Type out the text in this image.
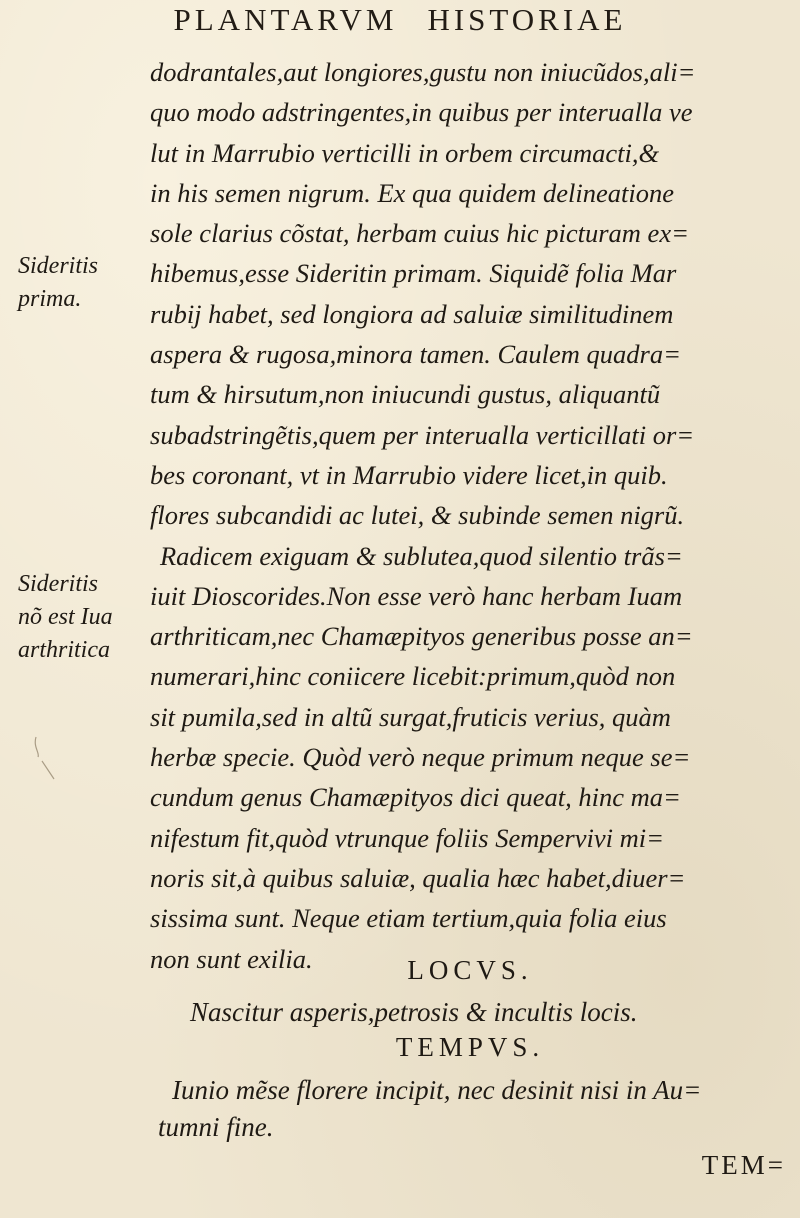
PLANTARVM HISTORIAE
dodrantales,aut longiores,gustu non iniucũdos,ali=
quo modo adstringentes,in quibus per interualla ve
lut in Marrubio verticilli in orbem circumacti,&
in his semen nigrum. Ex qua quidem delineatione
sole clarius cõstat, herbam cuius hic picturam ex=
hibemus,esse Sideritin primam. Siquidẽ folia Mar
rubij habet, sed longiora ad saluiæ similitudinem
aspera & rugosa,minora tamen. Caulem quadra=
tum & hirsutum,non iniucundi gustus, aliquantũ
subadstringẽtis,quem per interualla verticillati or=
bes coronant, vt in Marrubio videre licet,in quib.
flores subcandidi ac lutei, & subinde semen nigrũ.
Radicem exiguam & sublutea,quod silentio trãs=
iuit Dioscorides.Non esse verò hanc herbam Iuam
arthriticam,nec Chamæpityos generibus posse an=
numerari,hinc coniicere licebit:primum,quòd non
sit pumila,sed in altũ surgat,fruticis verius, quàm
herbæ specie. Quòd verò neque primum neque se=
cundum genus Chamæpityos dici queat, hinc ma=
nifestum fit,quòd vtrunque foliis Sempervivi mi=
noris sit,à quibus saluiæ, qualia hæc habet,diuer=
sissima sunt. Neque etiam tertium,quia folia eius
non sunt exilia.
Sideritis
prima.
Sideritis
nõ est Iua
arthritica
LOCVS.
Nascitur asperis,petrosis & incultis locis.
TEMPVS.
Iunio mẽse florere incipit, nec desinit nisi in Au=
tumni fine.
TEM=
